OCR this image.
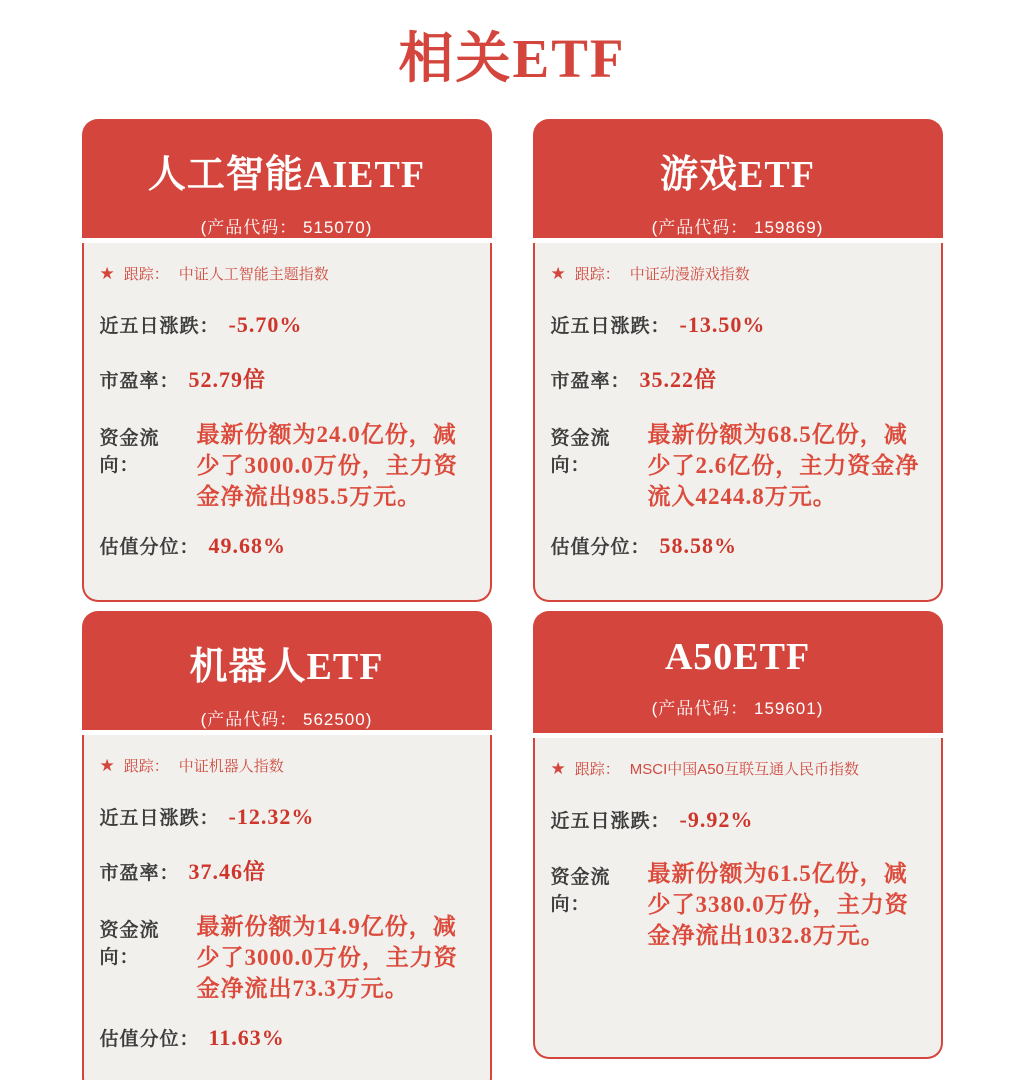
相关ETF
人工智能AIETF
(产品代码： 515070)
★ 跟踪： 中证人工智能主题指数
近五日涨跌： -5.70%
市盈率： 52.79倍
资金流向：
最新份额为24.0亿份，减少了3000.0万份，主力资金净流出985.5万元。
估值分位： 49.68%
游戏ETF
(产品代码： 159869)
★ 跟踪： 中证动漫游戏指数
近五日涨跌： -13.50%
市盈率： 35.22倍
资金流向：
最新份额为68.5亿份，减少了2.6亿份，主力资金净流入4244.8万元。
估值分位： 58.58%
机器人ETF
(产品代码： 562500)
★ 跟踪： 中证机器人指数
近五日涨跌： -12.32%
市盈率： 37.46倍
资金流向：
最新份额为14.9亿份，减少了3000.0万份，主力资金净流出73.3万元。
估值分位： 11.63%
A50ETF
(产品代码： 159601)
★ 跟踪： MSCI中国A50互联互通人民币指数
近五日涨跌： -9.92%
资金流向：
最新份额为61.5亿份，减少了3380.0万份，主力资金净流出1032.8万元。
